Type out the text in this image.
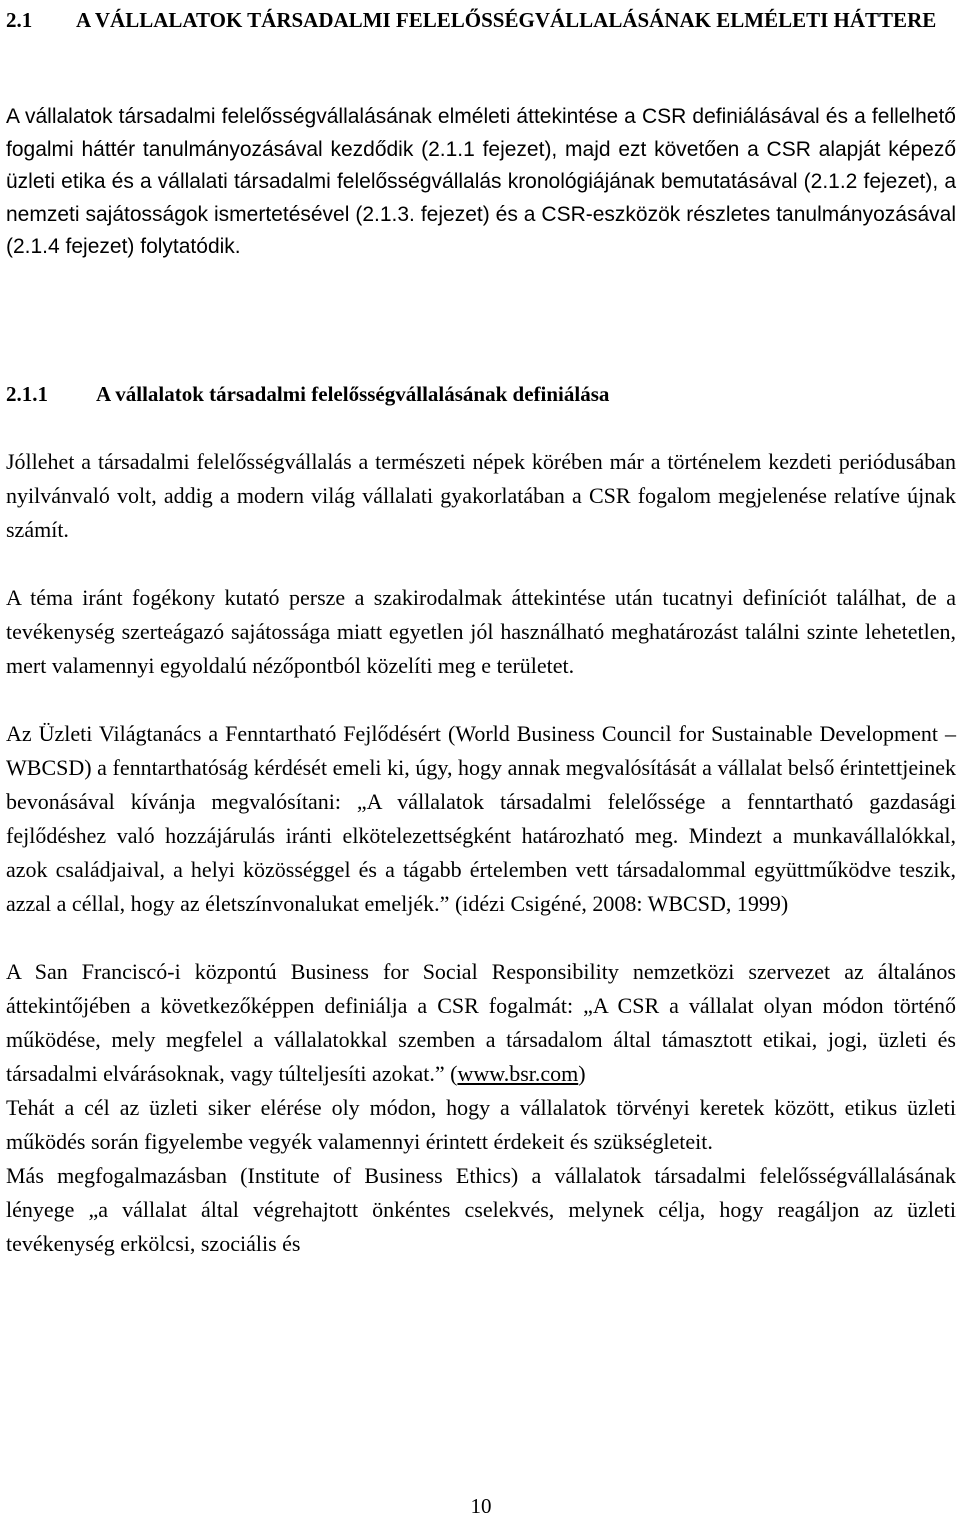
2.1 A VÁLLALATOK TÁRSADALMI FELELŐSSÉGVÁLLALÁSÁNAK ELMÉLETI HÁTTERE
A vállalatok társadalmi felelősségvállalásának elméleti áttekintése a CSR definiálásával és a fellelhető fogalmi háttér tanulmányozásával kezdődik (2.1.1 fejezet), majd ezt követően a CSR alapját képező üzleti etika és a vállalati társadalmi felelősségvállalás kronológiájának bemutatásával (2.1.2 fejezet), a nemzeti sajátosságok ismertetésével (2.1.3. fejezet) és a CSR-eszközök részletes tanulmányozásával (2.1.4 fejezet) folytatódik.
2.1.1 A vállalatok társadalmi felelősségvállalásának definiálása

Jóllehet a társadalmi felelősségvállalás a természeti népek körében már a történelem kezdeti periódusában nyilvánvaló volt, addig a modern világ vállalati gyakorlatában a CSR fogalom megjelenése relatíve újnak számít.

A téma iránt fogékony kutató persze a szakirodalmak áttekintése után tucatnyi definíciót találhat, de a tevékenység szerteágazó sajátossága miatt egyetlen jól használható meghatározást találni szinte lehetetlen, mert valamennyi egyoldalú nézőpontból közelíti meg e területet.

Az Üzleti Világtanács a Fenntartható Fejlődésért (World Business Council for Sustainable Development – WBCSD) a fenntarthatóság kérdését emeli ki, úgy, hogy annak megvalósítását a vállalat belső érintettjeinek bevonásával kívánja megvalósítani: „A vállalatok társadalmi felelőssége a fenntartható gazdasági fejlődéshez való hozzájárulás iránti elkötelezettségként határozható meg. Mindezt a munkavállalókkal, azok családjaival, a helyi közösséggel és a tágabb értelemben vett társadalommal együttműködve teszik, azzal a céllal, hogy az életszínvonalukat emeljék.” (idézi Csigéné, 2008: WBCSD, 1999)

A San Franciscó-i központú Business for Social Responsibility nemzetközi szervezet az általános áttekintőjében a következőképpen definiálja a CSR fogalmát: „A CSR a vállalat olyan módon történő működése, mely megfelel a vállalatokkal szemben a társadalom által támasztott etikai, jogi, üzleti és társadalmi elvárásoknak, vagy túlteljesíti azokat.” (www.bsr.com)

Tehát a cél az üzleti siker elérése oly módon, hogy a vállalatok törvényi keretek között, etikus üzleti működés során figyelembe vegyék valamennyi érintett érdekeit és szükségleteit.

Más megfogalmazásban (Institute of Business Ethics) a vállalatok társadalmi felelősségvállalásának lényege „a vállalat által végrehajtott önkéntes cselekvés, melynek célja, hogy reagáljon az üzleti tevékenység erkölcsi, szociális és

10
